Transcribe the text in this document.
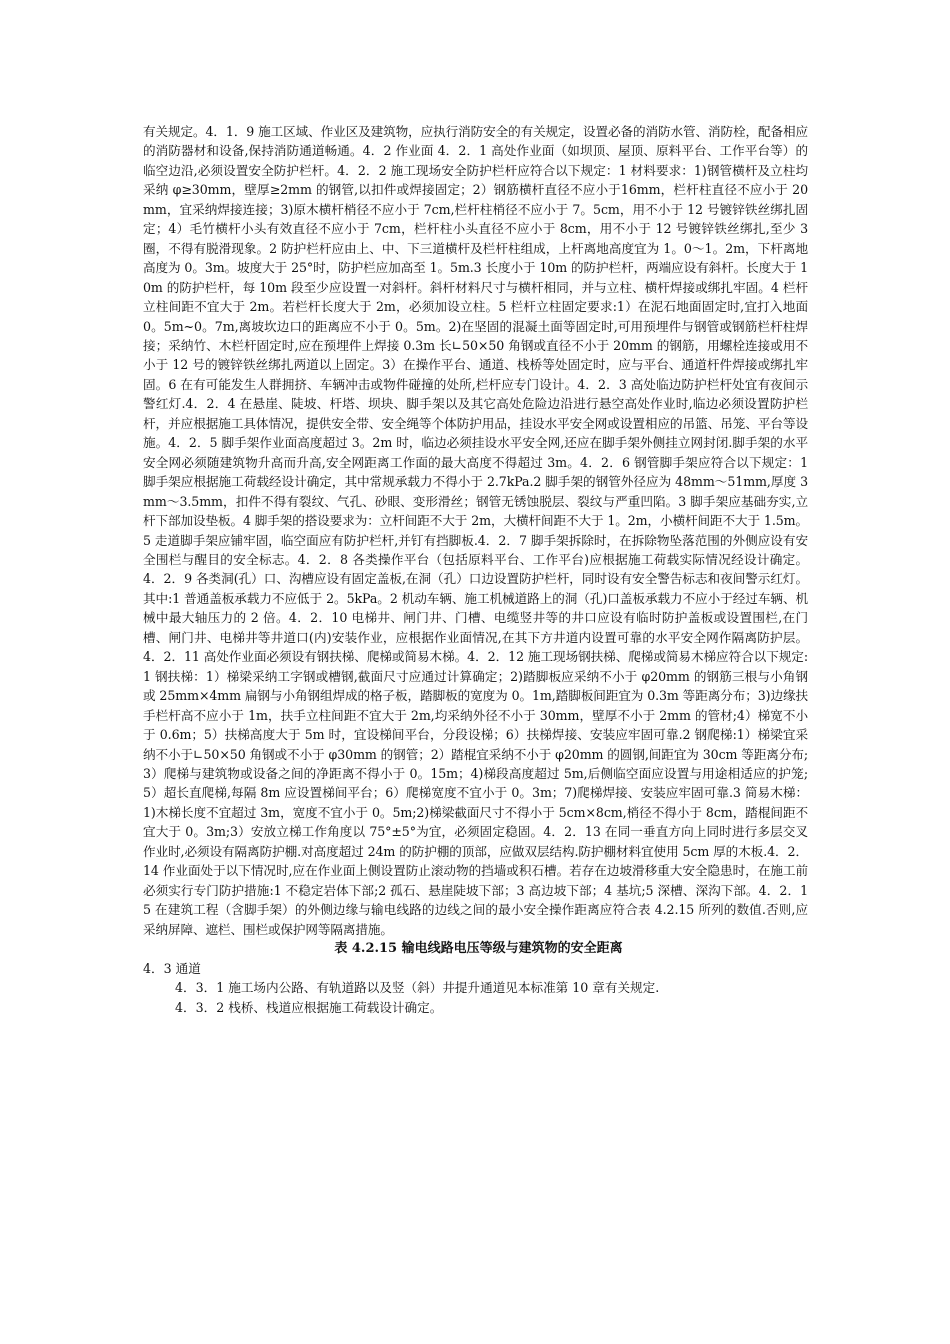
有关规定。4．1．9 施工区域、作业区及建筑物，应执行消防安全的有关规定，设置必备的消防水管、消防栓，配备相应的消防器材和设备,保持消防通道畅通。4．2 作业面 4．2．1 高处作业面（如坝顶、屋顶、原料平台、工作平台等）的临空边沿,必须设置安全防护栏杆。4．2．2 施工现场安全防护栏杆应符合以下规定：1 材料要求：1)钢管横杆及立柱均采纳 φ≥30mm，壁厚≥2mm 的钢管,以扣件或焊接固定；2）钢筋横杆直径不应小于16mm，栏杆柱直径不应小于 20mm，宜采纳焊接连接；3)原木横杆梢径不应小于 7cm,栏杆柱梢径不应小于 7。5cm，用不小于 12 号镀锌铁丝绑扎固定；4）毛竹横杆小头有效直径不应小于 7cm，栏杆柱小头直径不应小于 8cm，用不小于 12 号镀锌铁丝绑扎,至少 3 圈，不得有脱滑现象。2 防护栏杆应由上、中、下三道横杆及栏杆柱组成，上杆离地高度宜为 1。0～1。2m，下杆离地高度为 0。3m。坡度大于 25°时，防护栏应加高至 1。5m.3 长度小于 10m 的防护栏杆，两端应设有斜杆。长度大于 10m 的防护栏杆，每 10m 段至少应设置一对斜杆。斜杆材料尺寸与横杆相同，并与立柱、横杆焊接或绑扎牢固。4 栏杆立柱间距不宜大于 2m。若栏杆长度大于 2m，必须加设立柱。5 栏杆立柱固定要求:1）在泥石地面固定时,宜打入地面 0。5m~0。7m,离坡坎边口的距离应不小于 0。5m。2)在坚固的混凝土面等固定时,可用预埋件与钢管或钢筋栏杆柱焊接；采纳竹、木栏杆固定时,应在预埋件上焊接 0.3m 长∟50×50 角钢或直径不小于 20mm 的钢筋，用螺栓连接或用不小于 12 号的镀锌铁丝绑扎两道以上固定。3）在操作平台、通道、栈桥等处固定时，应与平台、通道杆件焊接或绑扎牢固。6 在有可能发生人群拥挤、车辆冲击或物件碰撞的处所,栏杆应专门设计。4．2．3 高处临边防护栏杆处宜有夜间示警红灯.4．2．4 在悬崖、陡坡、杆塔、坝块、脚手架以及其它高处危险边沿进行悬空高处作业时,临边必须设置防护栏杆，并应根据施工具体情况，提供安全带、安全绳等个体防护用品，挂设水平安全网或设置相应的吊篮、吊笼、平台等设施。4．2．5 脚手架作业面高度超过 3。2m 时，临边必须挂设水平安全网,还应在脚手架外侧挂立网封闭.脚手架的水平安全网必须随建筑物升高而升高,安全网距离工作面的最大高度不得超过 3m。4．2．6 钢管脚手架应符合以下规定：1 脚手架应根据施工荷载经设计确定，其中常规承载力不得小于 2.7kPa.2 脚手架的钢管外径应为 48mm～51mm,厚度 3mm～3.5mm，扣件不得有裂纹、气孔、砂眼、变形滑丝；钢管无锈蚀脱层、裂纹与严重凹陷。3 脚手架应基础夯实,立杆下部加设垫板。4 脚手架的搭设要求为：立杆间距不大于 2m，大横杆间距不大于 1。2m，小横杆间距不大于 1.5m。5 走道脚手架应铺牢固，临空面应有防护栏杆,并钉有挡脚板.4．2．7 脚手架拆除时，在拆除物坠落范围的外侧应设有安全围栏与醒目的安全标志。4．2．8 各类操作平台（包括原料平台、工作平台)应根据施工荷载实际情况经设计确定。4．2．9 各类洞(孔）口、沟槽应设有固定盖板,在洞（孔）口边设置防护栏杆，同时设有安全警告标志和夜间警示红灯。其中:1 普通盖板承载力不应低于 2。5kPa。2 机动车辆、施工机械道路上的洞（孔)口盖板承载力不应小于经过车辆、机械中最大轴压力的 2 倍。4．2．10 电梯井、闸门井、门槽、电缆竖井等的井口应设有临时防护盖板或设置围栏,在门槽、闸门井、电梯井等井道口(内)安装作业，应根据作业面情况,在其下方井道内设置可靠的水平安全网作隔离防护层。4．2．11 高处作业面必须设有钢扶梯、爬梯或简易木梯。4．2．12 施工现场钢扶梯、爬梯或简易木梯应符合以下规定:1 钢扶梯：1）梯梁采纳工字钢或槽钢,截面尺寸应通过计算确定；2)踏脚板应采纳不小于 φ20mm 的钢筋三根与小角钢或 25mm×4mm 扁钢与小角钢组焊成的格子板，踏脚板的宽度为 0。1m,踏脚板间距宜为 0.3m 等距离分布；3)边缘扶手栏杆高不应小于 1m，扶手立柱间距不宜大于 2m,均采纳外径不小于 30mm，壁厚不小于 2mm 的管材;4）梯宽不小于 0.6m；5）扶梯高度大于 5m 时，宜设梯间平台，分段设梯；6）扶梯焊接、安装应牢固可靠.2 钢爬梯:1）梯梁宜采纳不小于∟50×50 角钢或不小于 φ30mm 的钢管；2）踏棍宜采纳不小于 φ20mm 的圆钢,间距宜为 30cm 等距离分布;3）爬梯与建筑物或设备之间的净距离不得小于 0。15m；4)梯段高度超过 5m,后侧临空面应设置与用途相适应的护笼;5）超长直爬梯,每隔 8m 应设置梯间平台；6）爬梯宽度不宜小于 0。3m；7)爬梯焊接、安装应牢固可靠.3 简易木梯：1)木梯长度不宜超过 3m，宽度不宜小于 0。5m;2)梯梁截面尺寸不得小于 5cm×8cm,梢径不得小于 8cm，踏棍间距不宜大于 0。3m;3）安放立梯工作角度以 75°±5°为宜，必须固定稳固。4．2．13 在同一垂直方向上同时进行多层交叉作业时,必须设有隔离防护棚.对高度超过 24m 的防护棚的顶部，应做双层结构.防护棚材料宜使用 5cm 厚的木板.4．2．14 作业面处于以下情况时,应在作业面上侧设置防止滚动物的挡墙或积石槽。若存在边坡滑移重大安全隐患时，在施工前必须实行专门防护措施:1 不稳定岩体下部;2 孤石、悬崖陡坡下部；3 高边坡下部；4 基坑;5 深槽、深沟下部。4．2．15 在建筑工程（含脚手架）的外侧边缘与输电线路的边线之间的最小安全操作距离应符合表 4.2.15 所列的数值.否则,应采纳屏障、遮栏、围栏或保护网等隔离措施。

表 4.2.15 输电线路电压等级与建筑物的安全距离

4．3 通道

4．3．1 施工场内公路、有轨道路以及竖（斜）井提升通道见本标准第 10 章有关规定.

4．3．2 栈桥、栈道应根据施工荷载设计确定。
